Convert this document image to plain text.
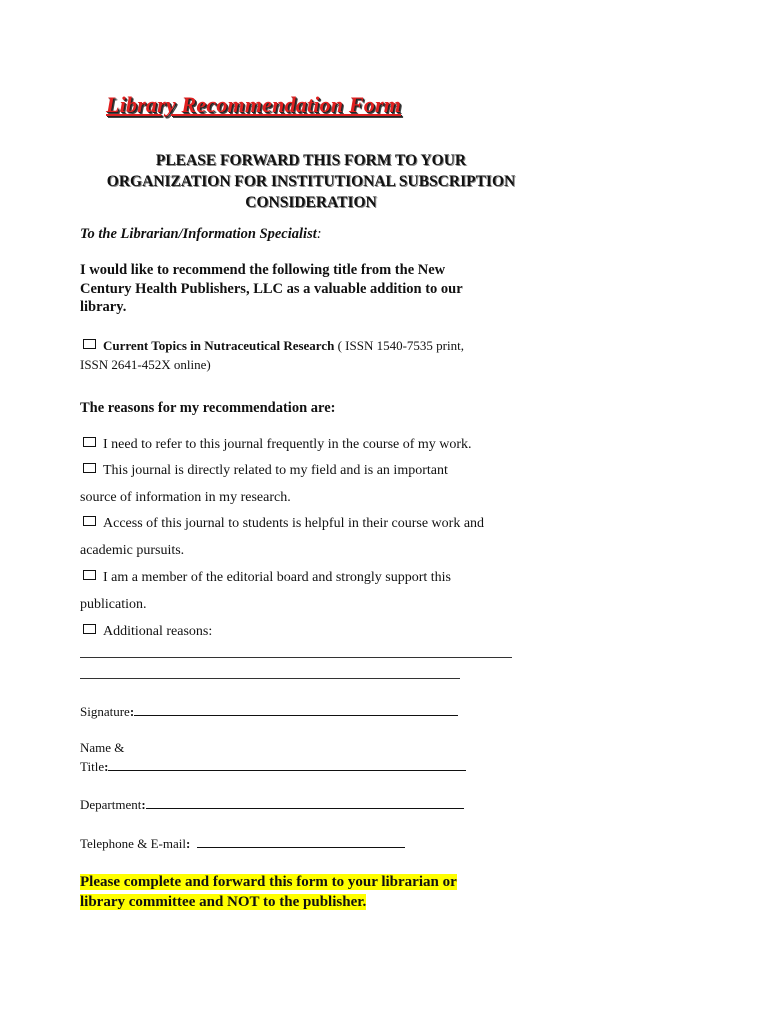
Library Recommendation Form
PLEASE FORWARD THIS FORM TO YOUR
ORGANIZATION FOR INSTITUTIONAL SUBSCRIPTION
CONSIDERATION
To the Librarian/Information Specialist:
I would like to recommend the following title from the New
Century Health Publishers, LLC as a valuable addition to our
library.
Current Topics in Nutraceutical Research ( ISSN 1540-7535 print,
ISSN 2641-452X online)
The reasons for my recommendation are:
I need to refer to this journal frequently in the course of my work.
This journal is directly related to my field and is an important
source of information in my research.
Access of this journal to students is helpful in their course work and
academic pursuits.
I am a member of the editorial board and strongly support this
publication.
Additional reasons:
Signature:
Name &
Title:
Department:
Telephone & E-mail:
Please complete and forward this form to your librarian or
library committee and NOT to the publisher.
